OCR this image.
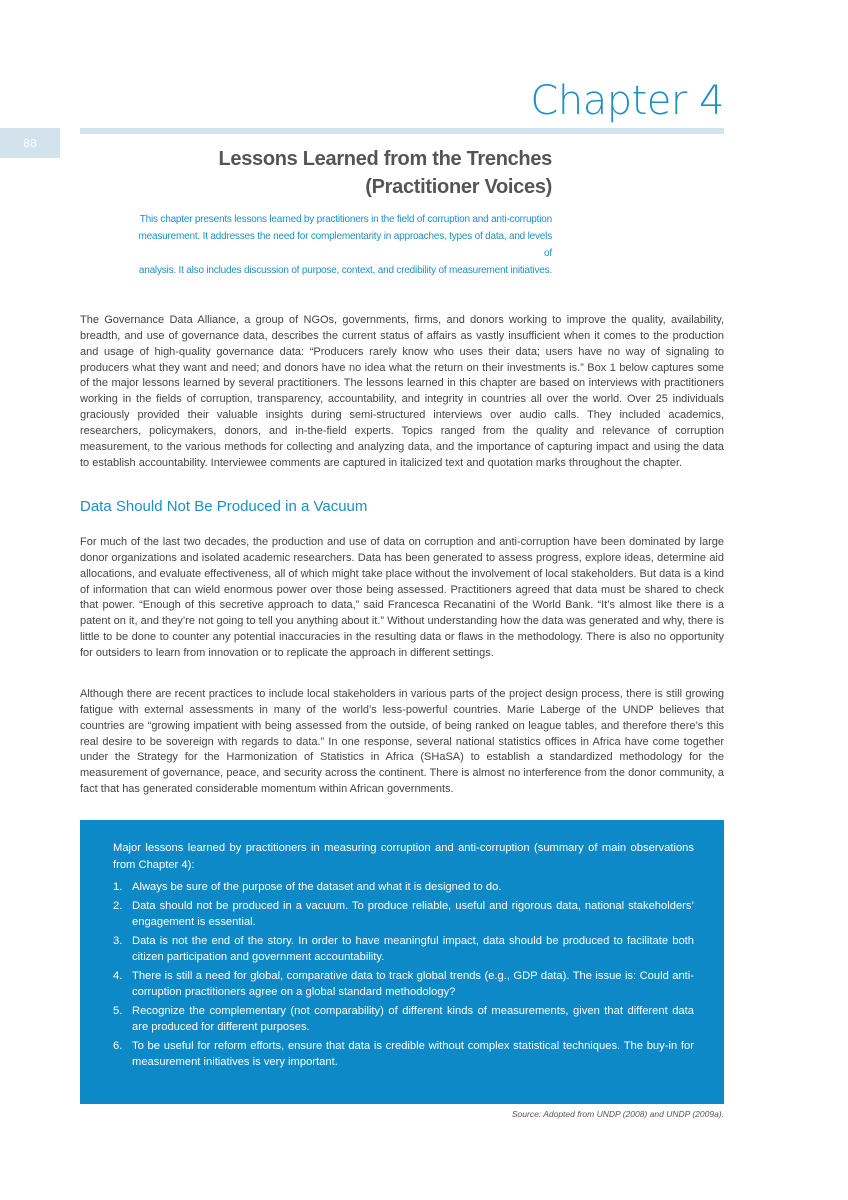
88
Chapter 4
Lessons Learned from the Trenches
(Practitioner Voices)
This chapter presents lessons learned by practitioners in the field of corruption and anti-corruption
measurement. It addresses the need for complementarity in approaches, types of data, and levels of
analysis. It also includes discussion of purpose, context, and credibility of measurement initiatives.

The Governance Data Alliance, a group of NGOs, governments, firms, and donors working to improve the quality, availability, breadth, and use of governance data, describes the current status of affairs as vastly insufficient when it comes to the production and usage of high-quality governance data: “Producers rarely know who uses their data; users have no way of signaling to producers what they want and need; and donors have no idea what the return on their investments is.” Box 1 below captures some of the major lessons learned by several practitioners. The lessons learned in this chapter are based on interviews with practitioners working in the fields of corruption, transparency, accountability, and integrity in countries all over the world. Over 25 individuals graciously provided their valuable insights during semi-structured interviews over audio calls. They included academics, researchers, policymakers, donors, and in-the-field experts. Topics ranged from the quality and relevance of corruption measurement, to the various methods for collecting and analyzing data, and the importance of capturing impact and using the data to establish accountability. Interviewee comments are captured in italicized text and quotation marks throughout the chapter.

Data Should Not Be Produced in a Vacuum

For much of the last two decades, the production and use of data on corruption and anti-corruption have been dominated by large donor organizations and isolated academic researchers. Data has been generated to assess progress, explore ideas, determine aid allocations, and evaluate effectiveness, all of which might take place without the involvement of local stakeholders. But data is a kind of information that can wield enormous power over those being assessed. Practitioners agreed that data must be shared to check that power. “Enough of this secretive approach to data,” said Francesca Recanatini of the World Bank. “It’s almost like there is a patent on it, and they’re not going to tell you anything about it.” Without understanding how the data was generated and why, there is little to be done to counter any potential inaccuracies in the resulting data or flaws in the methodology. There is also no opportunity for outsiders to learn from innovation or to replicate the approach in different settings.

Although there are recent practices to include local stakeholders in various parts of the project design process, there is still growing fatigue with external assessments in many of the world’s less-powerful countries. Marie Laberge of the UNDP believes that countries are “growing impatient with being assessed from the outside, of being ranked on league tables, and therefore there’s this real desire to be sovereign with regards to data.” In one response, several national statistics offices in Africa have come together under the Strategy for the Harmonization of Statistics in Africa (SHaSA) to establish a standardized methodology for the measurement of governance, peace, and security across the continent. There is almost no interference from the donor community, a fact that has generated considerable momentum within African governments.

Major lessons learned by practitioners in measuring corruption and anti-corruption (summary of main observations from Chapter 4):

1. Always be sure of the purpose of the dataset and what it is designed to do.
2. Data should not be produced in a vacuum. To produce reliable, useful and rigorous data, national stakeholders’ engagement is essential.
3. Data is not the end of the story. In order to have meaningful impact, data should be produced to facilitate both citizen participation and government accountability.
4. There is still a need for global, comparative data to track global trends (e.g., GDP data). The issue is: Could anti-corruption practitioners agree on a global standard methodology?
5. Recognize the complementary (not comparability) of different kinds of measurements, given that different data are produced for different purposes.
6. To be useful for reform efforts, ensure that data is credible without complex statistical techniques. The buy-in for measurement initiatives is very important.
Source: Adopted from UNDP (2008) and UNDP (2009a).
